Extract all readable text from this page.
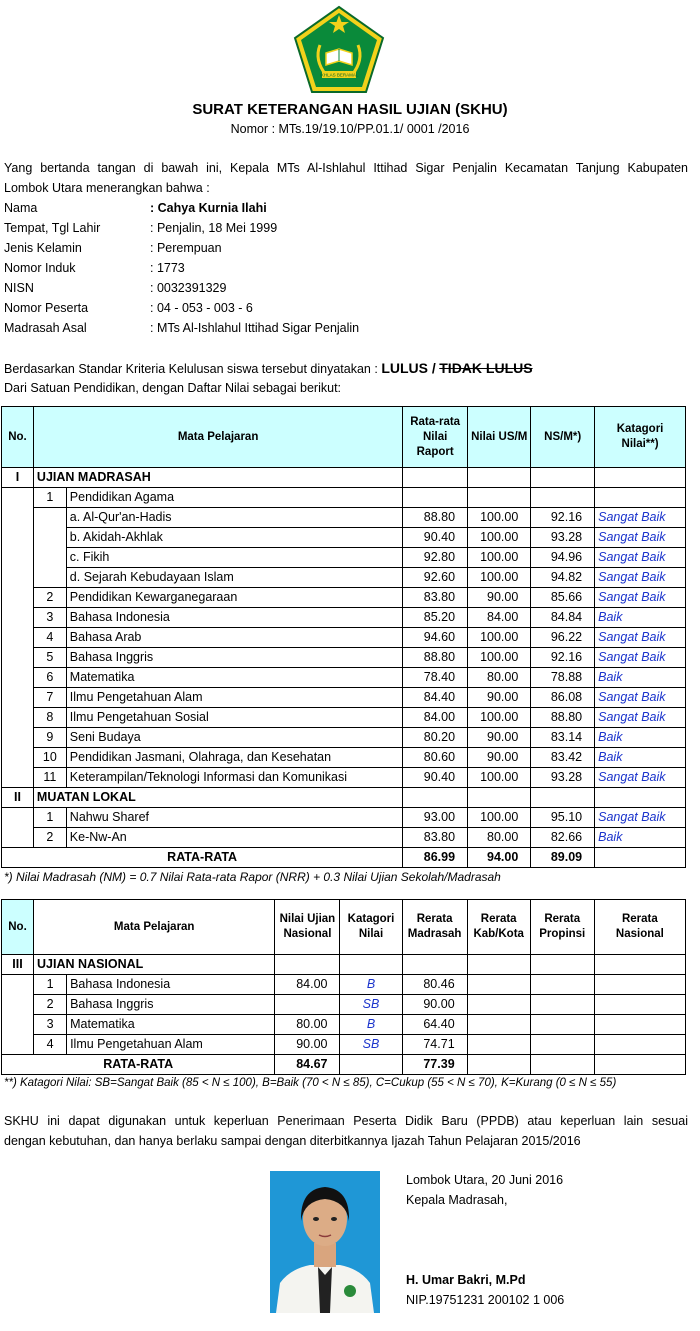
IKHLAS BERAMAL
SURAT KETERANGAN HASIL UJIAN (SKHU)
Nomor : MTs.19/19.10/PP.01.1/ 0001 /2016
Yang bertanda tangan di bawah ini, Kepala MTs Al-Ishlahul Ittihad Sigar Penjalin Kecamatan Tanjung Kabupaten
Lombok Utara menerangkan bahwa :
Nama	: Cahya Kurnia Ilahi
Tempat, Tgl Lahir	: Penjalin, 18 Mei 1999
Jenis Kelamin	: Perempuan
Nomor Induk	: 1773
NISN	: 0032391329
Nomor Peserta	: 04 - 053 - 003 - 6
Madrasah Asal	: MTs Al-Ishlahul Ittihad Sigar Penjalin
Berdasarkan Standar Kriteria Kelulusan siswa tersebut dinyatakan : LULUS / TIDAK LULUS
Dari Satuan Pendidikan, dengan Daftar Nilai sebagai berikut:
No.	Mata Pelajaran		Rata-rata Nilai Raport	Nilai US/M	NS/M*)	Katagori Nilai**)
I	UJIAN MADRASAH					
	1	Pendidikan Agama				
		a. Al-Qur'an-Hadis	88.80	100.00	92.16	Sangat Baik
		b. Akidah-Akhlak	90.40	100.00	93.28	Sangat Baik
		c. Fikih	92.80	100.00	94.96	Sangat Baik
		d. Sejarah Kebudayaan Islam	92.60	100.00	94.82	Sangat Baik
	2	Pendidikan Kewarganegaraan	83.80	90.00	85.66	Sangat Baik
	3	Bahasa Indonesia	85.20	84.00	84.84	Baik
	4	Bahasa Arab	94.60	100.00	96.22	Sangat Baik
	5	Bahasa Inggris	88.80	100.00	92.16	Sangat Baik
	6	Matematika	78.40	80.00	78.88	Baik
	7	Ilmu Pengetahuan Alam	84.40	90.00	86.08	Sangat Baik
	8	Ilmu Pengetahuan Sosial	84.00	100.00	88.80	Sangat Baik
	9	Seni Budaya	80.20	90.00	83.14	Baik
	10	Pendidikan Jasmani, Olahraga, dan Kesehatan	80.60	90.00	83.42	Baik
	11	Keterampilan/Teknologi Informasi dan Komunikasi	90.40	100.00	93.28	Sangat Baik
II	MUATAN LOKAL					
	1	Nahwu Sharef	93.00	100.00	95.10	Sangat Baik
	2	Ke-Nw-An	83.80	80.00	82.66	Baik
RATA-RATA			86.99	94.00	89.09	
*) Nilai Madrasah (NM) = 0.7 Nilai Rata-rata Rapor (NRR) + 0.3 Nilai Ujian Sekolah/Madrasah
No.	Mata Pelajaran		Nilai Ujian Nasional	Katagori Nilai	Rerata Madrasah	Rerata Kab/Kota	Rerata Propinsi	Rerata Nasional
III	UJIAN NASIONAL							
	1	Bahasa Indonesia	84.00	B	80.46			
	2	Bahasa Inggris		SB	90.00			
	3	Matematika	80.00	B	64.40			
	4	Ilmu Pengetahuan Alam	90.00	SB	74.71			
RATA-RATA			84.67		77.39			
**) Katagori Nilai: SB=Sangat Baik (85 < N ≤ 100), B=Baik (70 < N ≤ 85), C=Cukup (55 < N ≤ 70), K=Kurang (0 ≤ N ≤ 55)
SKHU ini dapat digunakan untuk keperluan Penerimaan Peserta Didik Baru (PPDB) atau keperluan lain sesuai
dengan kebutuhan, dan hanya berlaku sampai dengan diterbitkannya Ijazah Tahun Pelajaran 2015/2016
Lombok Utara, 20 Juni 2016
Kepala Madrasah,
H. Umar Bakri, M.Pd
NIP.19751231 200102 1 006
